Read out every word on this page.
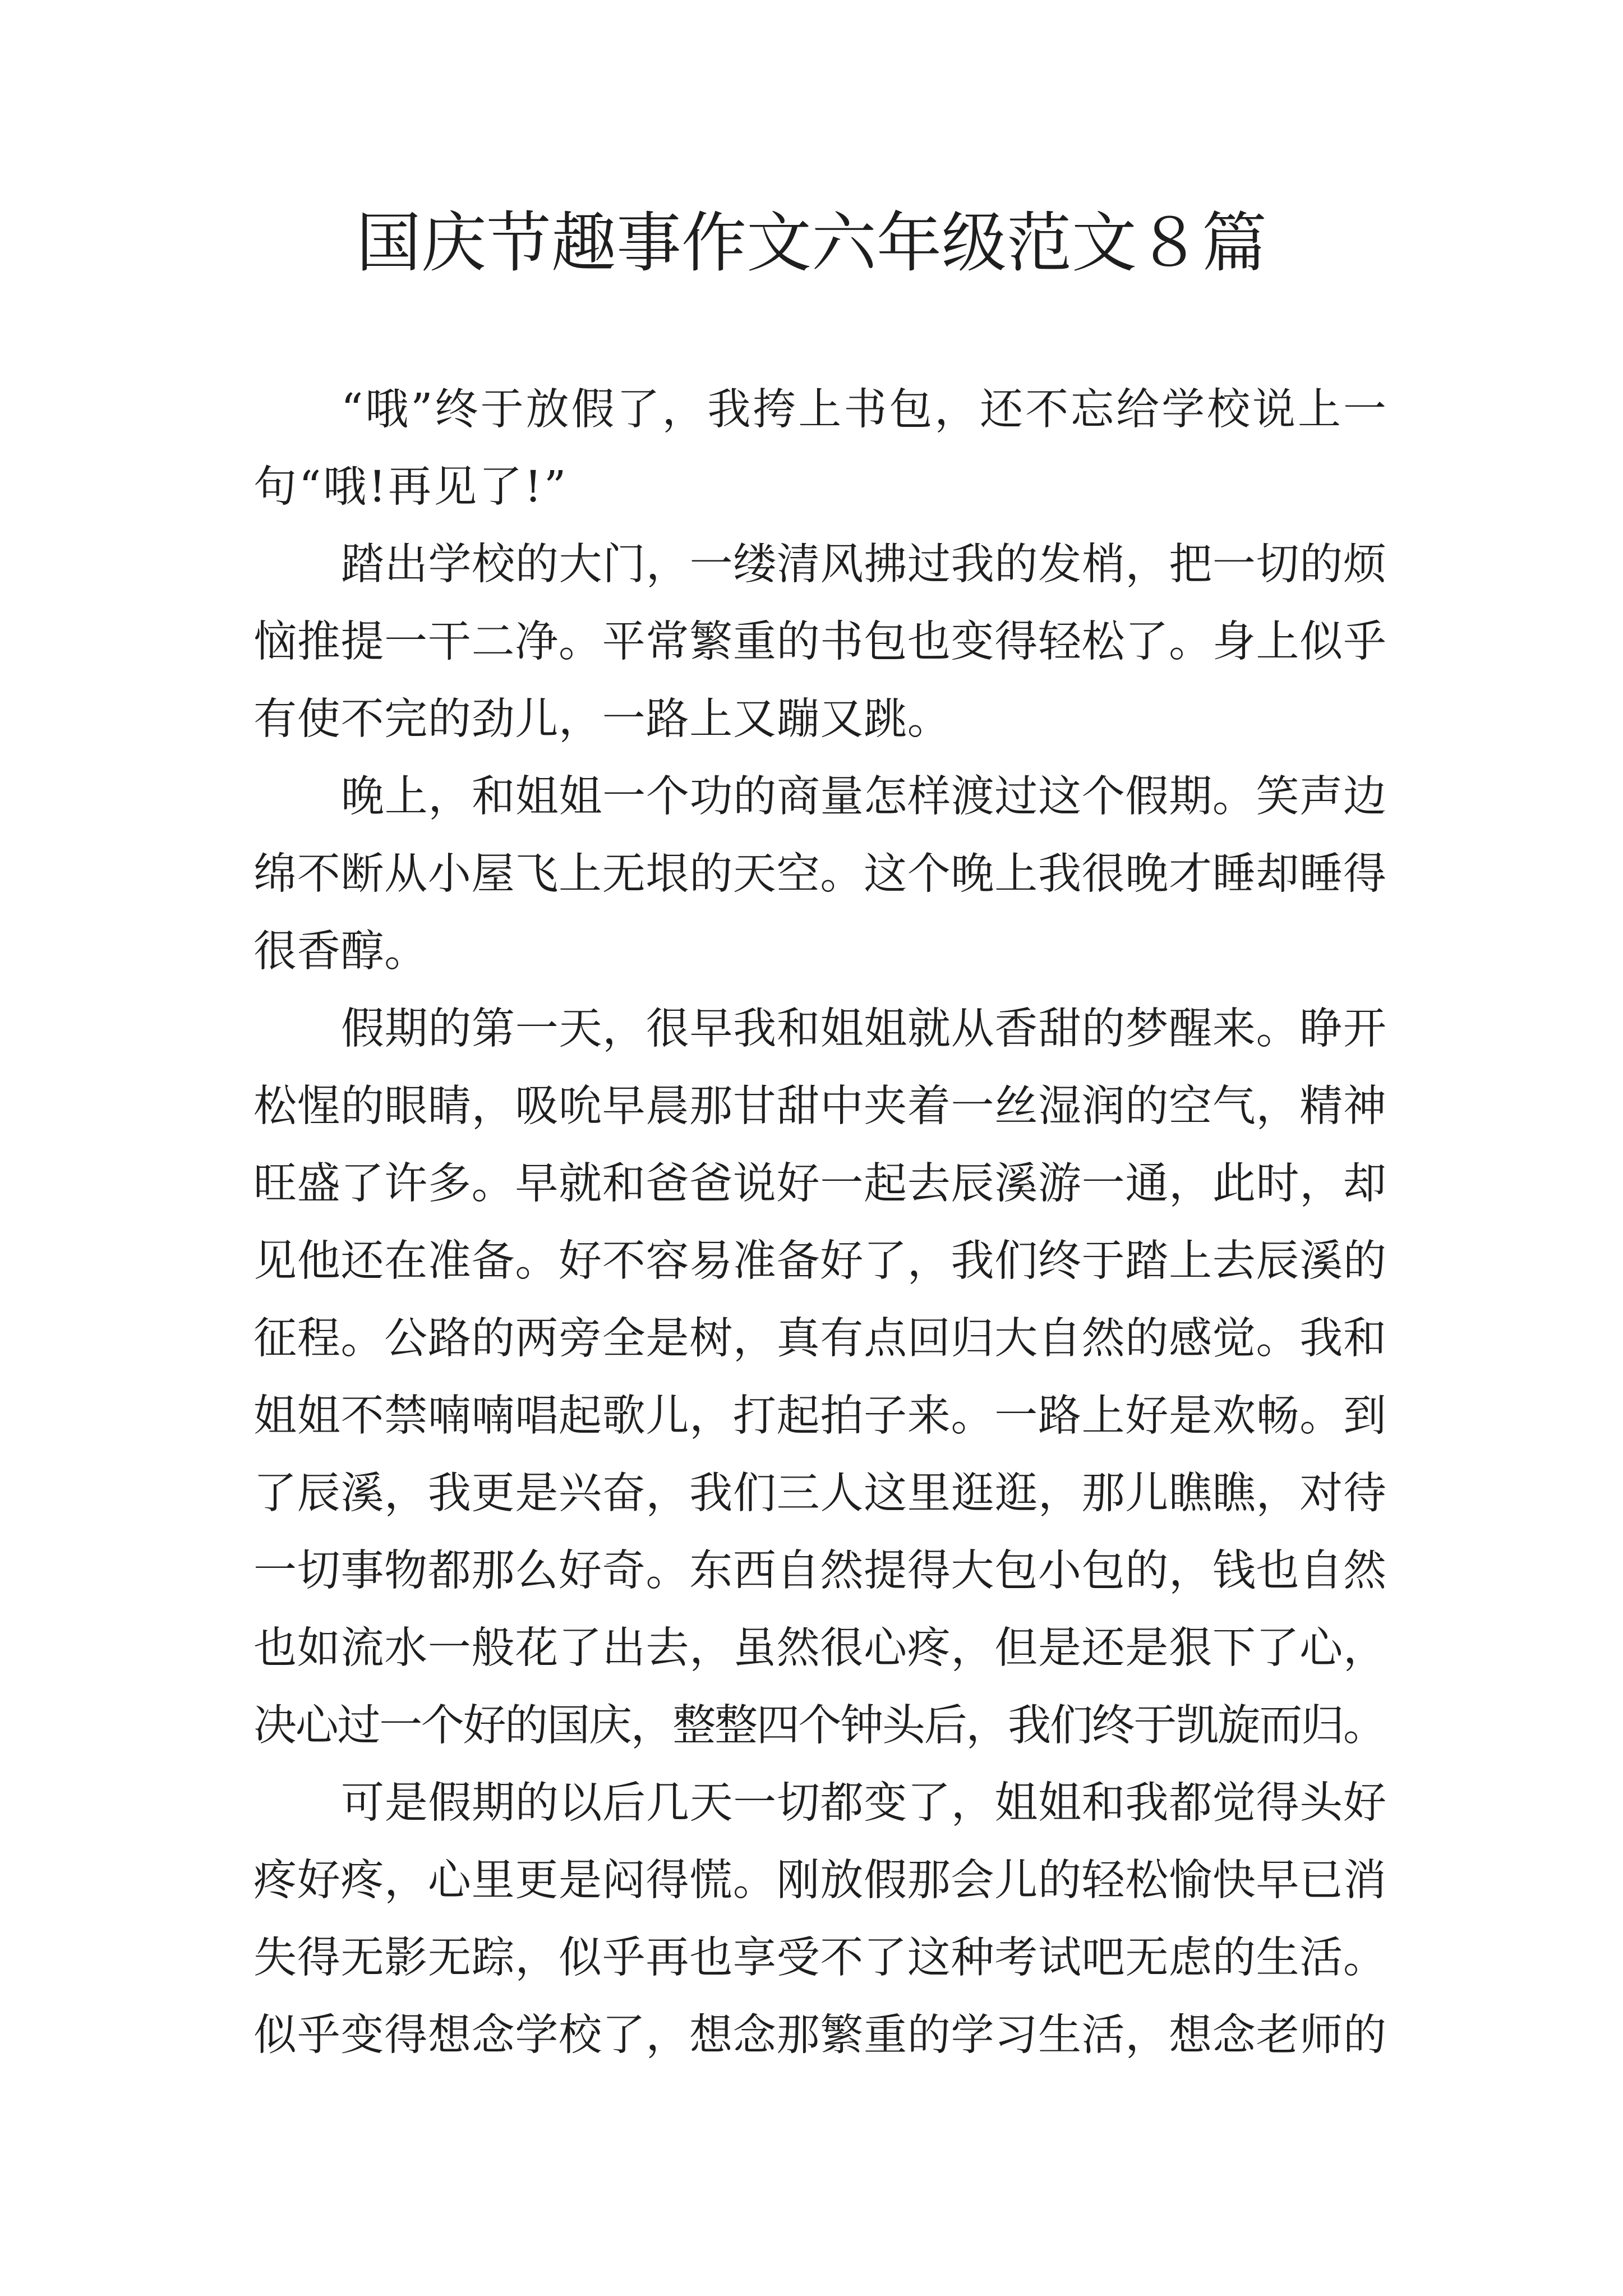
国庆节趣事作文六年级范文８篇
“哦”终于放假了，我挎上书包，还不忘给学校说上一
句“哦!再见了!”
踏出学校的大门，一缕清风拂过我的发梢，把一切的烦
恼推提一干二净。平常繁重的书包也变得轻松了。身上似乎
有使不完的劲儿，一路上又蹦又跳。
晚上，和姐姐一个功的商量怎样渡过这个假期。笑声边
绵不断从小屋飞上无垠的天空。这个晚上我很晚才睡却睡得
很香醇。
假期的第一天，很早我和姐姐就从香甜的梦醒来。睁开
松惺的眼睛，吸吮早晨那甘甜中夹着一丝湿润的空气，精神
旺盛了许多。早就和爸爸说好一起去辰溪游一通，此时，却
见他还在准备。好不容易准备好了，我们终于踏上去辰溪的
征程。公路的两旁全是树，真有点回归大自然的感觉。我和
姐姐不禁喃喃唱起歌儿，打起拍子来。一路上好是欢畅。到
了辰溪，我更是兴奋，我们三人这里逛逛，那儿瞧瞧，对待
一切事物都那么好奇。东西自然提得大包小包的，钱也自然
也如流水一般花了出去，虽然很心疼，但是还是狠下了心，
决心过一个好的国庆，整整四个钟头后，我们终于凯旋而归。
可是假期的以后几天一切都变了，姐姐和我都觉得头好
疼好疼，心里更是闷得慌。刚放假那会儿的轻松愉快早已消
失得无影无踪，似乎再也享受不了这种考试吧无虑的生活。
似乎变得想念学校了，想念那繁重的学习生活，想念老师的
